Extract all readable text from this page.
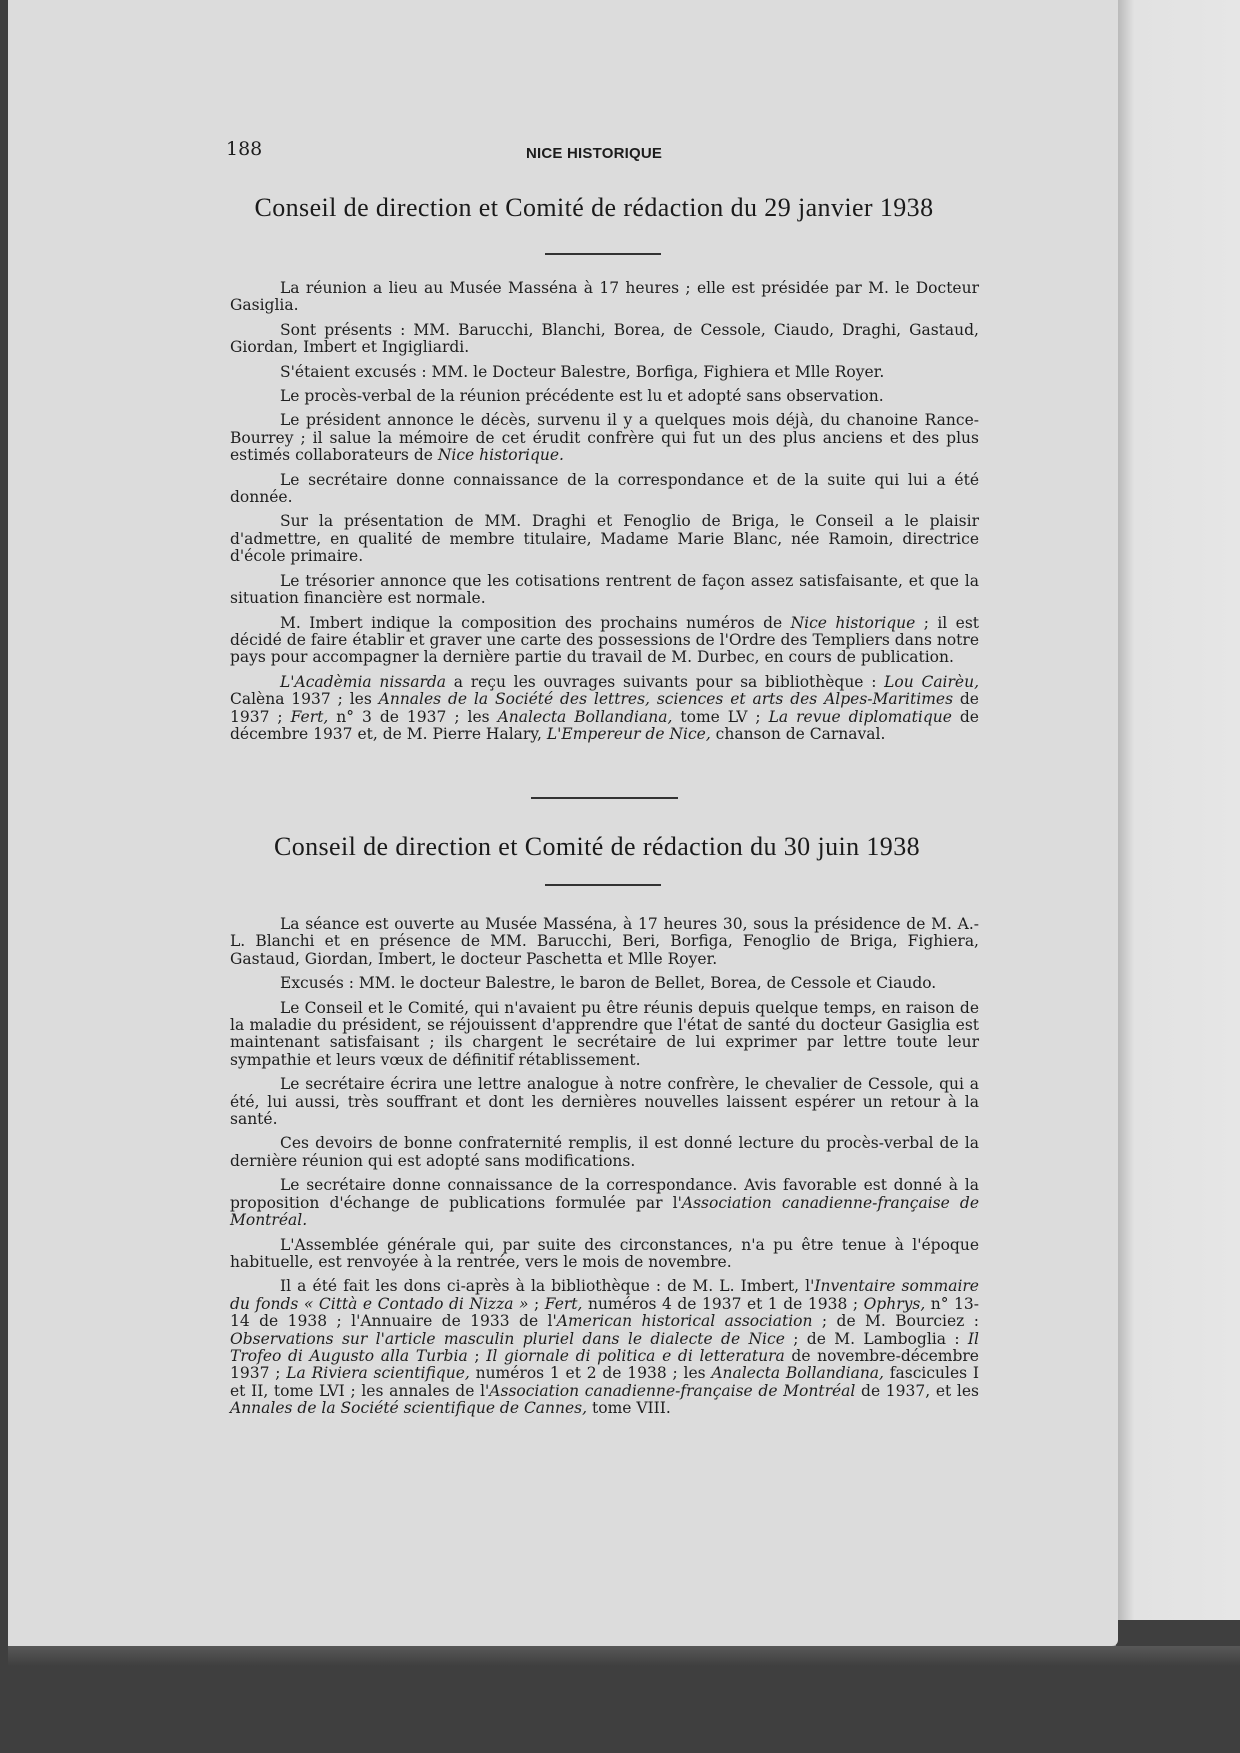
188	NICE HISTORIQUE
Conseil de direction et Comité de rédaction du 29 janvier 1938

La réunion a lieu au Musée Masséna à 17 heures ; elle est présidée par M. le Docteur Gasiglia.

Sont présents : MM. Barucchi, Blanchi, Borea, de Cessole, Ciaudo, Draghi, Gastaud, Giordan, Imbert et Ingigliardi.

S'étaient excusés : MM. le Docteur Balestre, Borfiga, Fighiera et Mlle Royer.

Le procès-verbal de la réunion précédente est lu et adopté sans observation.

Le président annonce le décès, survenu il y a quelques mois déjà, du chanoine Rance-Bourrey ; il salue la mémoire de cet érudit confrère qui fut un des plus anciens et des plus estimés collaborateurs de Nice historique.

Le secrétaire donne connaissance de la correspondance et de la suite qui lui a été donnée.

Sur la présentation de MM. Draghi et Fenoglio de Briga, le Conseil a le plaisir d'admettre, en qualité de membre titulaire, Madame Marie Blanc, née Ramoin, directrice d'école primaire.

Le trésorier annonce que les cotisations rentrent de façon assez satisfaisante, et que la situation financière est normale.

M. Imbert indique la composition des prochains numéros de Nice historique ; il est décidé de faire établir et graver une carte des possessions de l'Ordre des Templiers dans notre pays pour accompagner la dernière partie du travail de M. Durbec, en cours de publication.

L'Acadèmia nissarda a reçu les ouvrages suivants pour sa bibliothèque : Lou Cairèu, Calèna 1937 ; les Annales de la Société des lettres, sciences et arts des Alpes-Maritimes de 1937 ; Fert, n° 3 de 1937 ; les Analecta Bollandiana, tome LV ; La revue diplomatique de décembre 1937 et, de M. Pierre Halary, L'Empereur de Nice, chanson de Carnaval.

Conseil de direction et Comité de rédaction du 30 juin 1938

La séance est ouverte au Musée Masséna, à 17 heures 30, sous la présidence de M. A.-L. Blanchi et en présence de MM. Barucchi, Beri, Borfiga, Fenoglio de Briga, Fighiera, Gastaud, Giordan, Imbert, le docteur Paschetta et Mlle Royer.

Excusés : MM. le docteur Balestre, le baron de Bellet, Borea, de Cessole et Ciaudo.

Le Conseil et le Comité, qui n'avaient pu être réunis depuis quelque temps, en raison de la maladie du président, se réjouissent d'apprendre que l'état de santé du docteur Gasiglia est maintenant satisfaisant ; ils chargent le secrétaire de lui exprimer par lettre toute leur sympathie et leurs vœux de définitif rétablissement.

Le secrétaire écrira une lettre analogue à notre confrère, le chevalier de Cessole, qui a été, lui aussi, très souffrant et dont les dernières nouvelles laissent espérer un retour à la santé.

Ces devoirs de bonne confraternité remplis, il est donné lecture du procès-verbal de la dernière réunion qui est adopté sans modifications.

Le secrétaire donne connaissance de la correspondance. Avis favorable est donné à la proposition d'échange de publications formulée par l'Association canadienne-française de Montréal.

L'Assemblée générale qui, par suite des circonstances, n'a pu être tenue à l'époque habituelle, est renvoyée à la rentrée, vers le mois de novembre.

Il a été fait les dons ci-après à la bibliothèque : de M. L. Imbert, l'Inventaire sommaire du fonds « Città e Contado di Nizza » ; Fert, numéros 4 de 1937 et 1 de 1938 ; Ophrys, n° 13-14 de 1938 ; l'Annuaire de 1933 de l'American historical association ; de M. Bourciez : Observations sur l'article masculin pluriel dans le dialecte de Nice ; de M. Lamboglia : Il Trofeo di Augusto alla Turbia ; Il giornale di politica e di letteratura de novembre-décembre 1937 ; La Riviera scientifique, numéros 1 et 2 de 1938 ; les Analecta Bollandiana, fascicules I et II, tome LVI ; les annales de l'Association canadienne-française de Montréal de 1937, et les Annales de la Société scientifique de Cannes, tome VIII.
